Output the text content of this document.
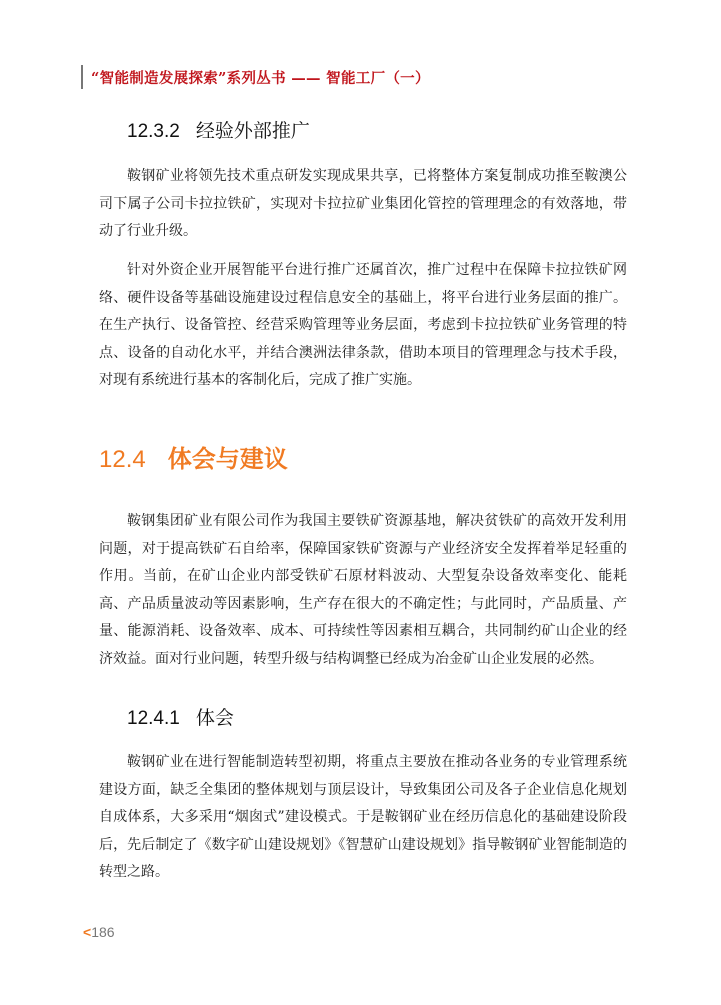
“智能制造发展探索”系列丛书 —— 智能工厂（一）
12.3.2 经验外部推广

鞍钢矿业将领先技术重点研发实现成果共享，已将整体方案复制成功推至鞍澳公司下属子公司卡拉拉铁矿，实现对卡拉拉矿业集团化管控的管理理念的有效落地，带动了行业升级。

针对外资企业开展智能平台进行推广还属首次，推广过程中在保障卡拉拉铁矿网络、硬件设备等基础设施建设过程信息安全的基础上，将平台进行业务层面的推广。在生产执行、设备管控、经营采购管理等业务层面，考虑到卡拉拉铁矿业务管理的特点、设备的自动化水平，并结合澳洲法律条款，借助本项目的管理理念与技术手段，对现有系统进行基本的客制化后，完成了推广实施。

12.4 体会与建议

鞍钢集团矿业有限公司作为我国主要铁矿资源基地，解决贫铁矿的高效开发利用问题，对于提高铁矿石自给率，保障国家铁矿资源与产业经济安全发挥着举足轻重的作用。当前，在矿山企业内部受铁矿石原材料波动、大型复杂设备效率变化、能耗高、产品质量波动等因素影响，生产存在很大的不确定性；与此同时，产品质量、产量、能源消耗、设备效率、成本、可持续性等因素相互耦合，共同制约矿山企业的经济效益。面对行业问题，转型升级与结构调整已经成为冶金矿山企业发展的必然。

12.4.1 体会

鞍钢矿业在进行智能制造转型初期，将重点主要放在推动各业务的专业管理系统建设方面，缺乏全集团的整体规划与顶层设计，导致集团公司及各子企业信息化规划自成体系，大多采用“烟囱式”建设模式。于是鞍钢矿业在经历信息化的基础建设阶段后，先后制定了《数字矿山建设规划》《智慧矿山建设规划》指导鞍钢矿业智能制造的转型之路。

<186
